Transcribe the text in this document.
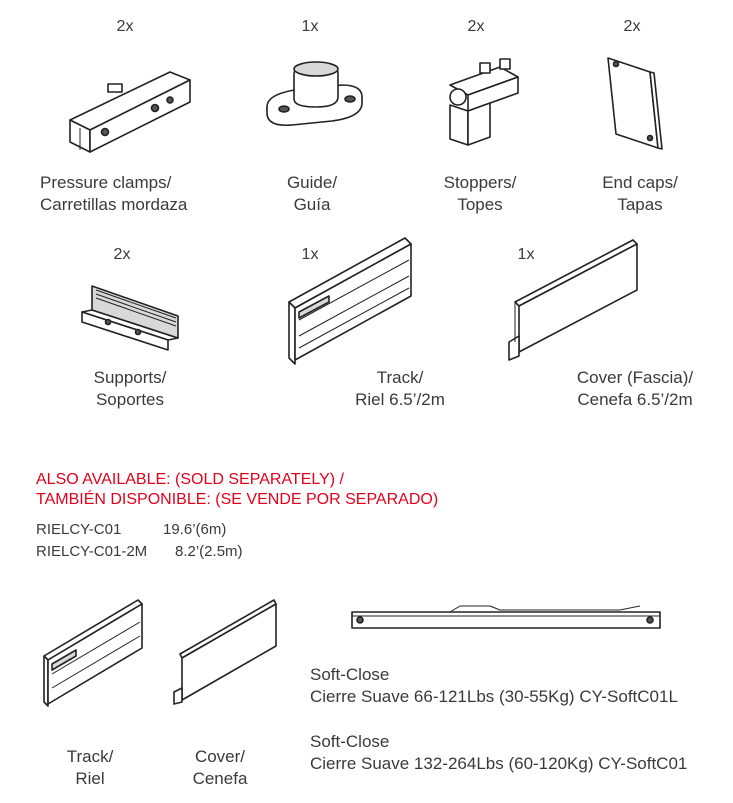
2x	1x	2x	2x
Pressure clamps/
Carretillas mordaza
Guide/
Guía
Stoppers/
Topes
End caps/
Tapas
2x	1x	1x
Supports/
Soportes
Track/
Riel 6.5’/2m
Cover (Fascia)/
Cenefa 6.5’/2m
ALSO AVAILABLE: (SOLD SEPARATELY) /
TAMBIÉN DISPONIBLE: (SE VENDE POR SEPARADO)
RIELCY-C01	19.6’(6m)
RIELCY-C01-2M 8.2’(2.5m)
Track/
Riel
Cover/
Cenefa
Soft-Close
Cierre Suave 66-121Lbs (30-55Kg) CY-SoftC01L
Soft-Close
Cierre Suave 132-264Lbs (60-120Kg) CY-SoftC01
